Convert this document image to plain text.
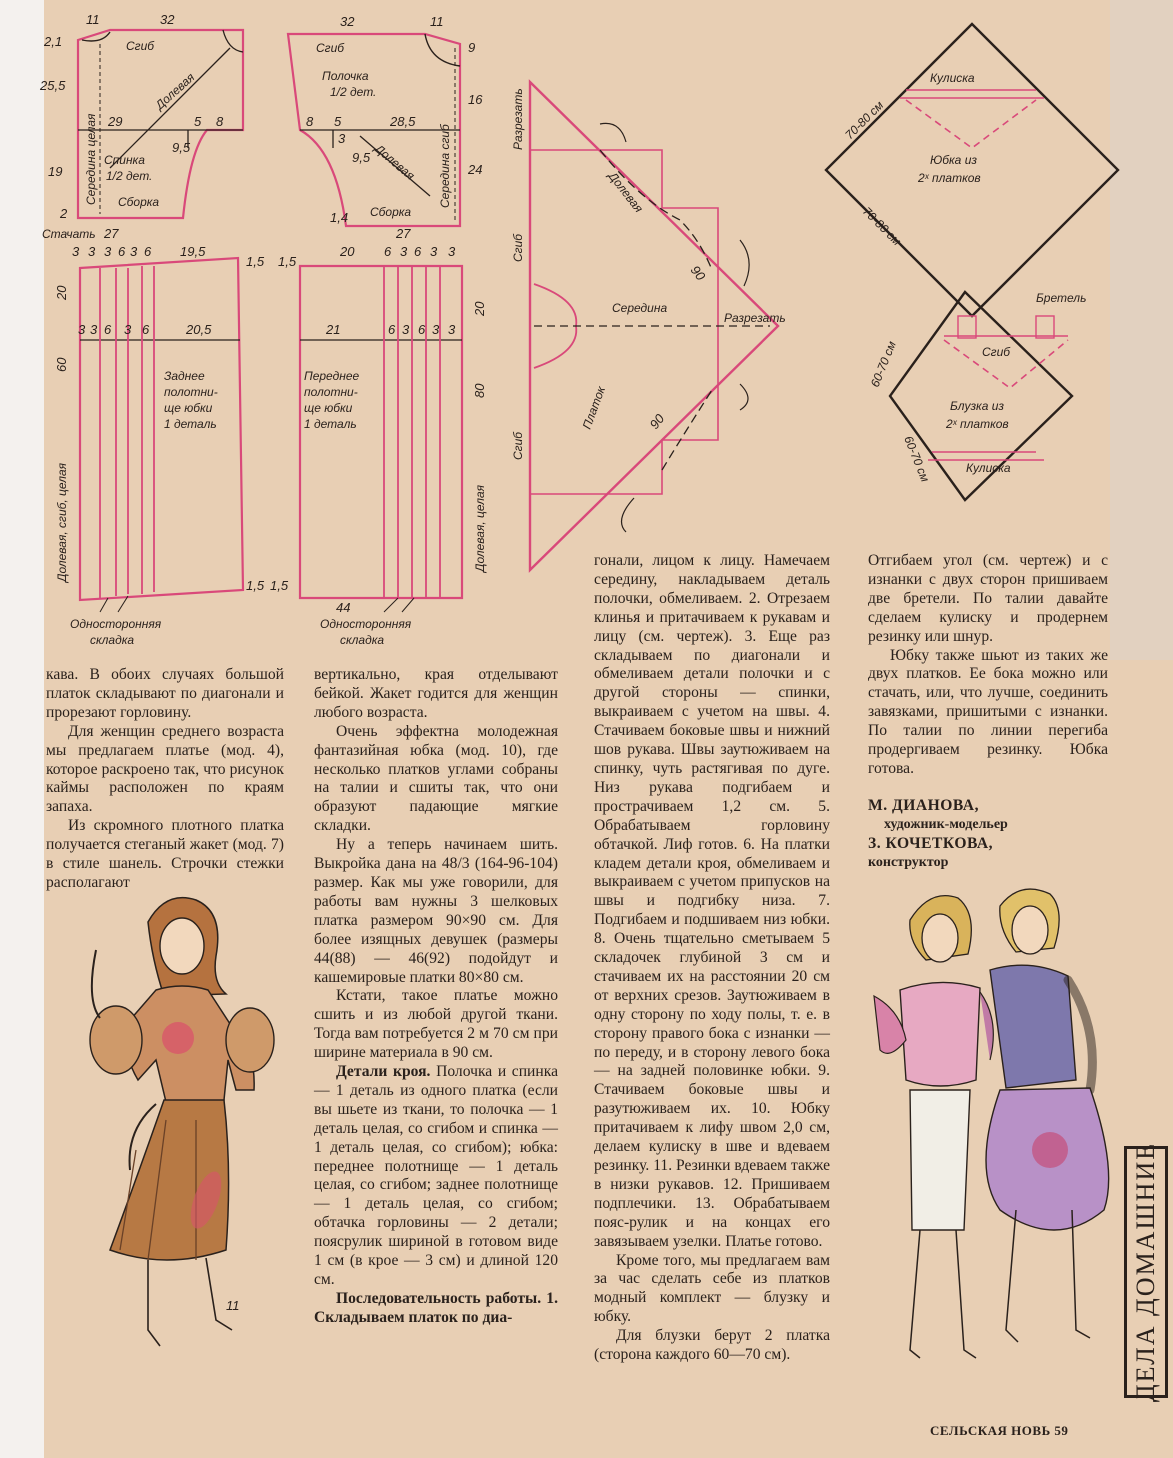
11	32
2,1
25,5
Сгиб
Долевая
29	5 8
9,5
Спинка
1/2 дет.
Сборка
Середина целая
19
2
32	11
9
Сгиб
Полочка
1/2 дет.	16
8 5	28,5
3
9,5 Долевая Середина сгиб 24
Сборка
1,4
Стачать 27
3 3 3 6 3 6 19,5
1,5
20
3 3 6 3 6	20,5
60
Заднее
полотни-
ще юбки
1 деталь
Долевая, сгиб, целая
1,5
Односторонняя
складка
27
1,5
20 6 3 6 3 3
20
21	6 3 6 3 3
Переднее
полотни-
ще юбки
1 деталь
80
Долевая, целая
1,5
44
Односторонняя
складка
Разрезать
Долевая
Сгиб
90
Середина
Разрезать
Платок	90
Сгиб
Кулиска
70-80 см
Юбка из
2ˣ платков
70-80 см
Бретель
Сгиб
60-70 см
Блузка из
2ˣ платков
60-70 см	Кулиска

кава. В обоих случаях большой платок складывают по диагонали и прорезают горловину.

Для женщин среднего возраста мы предлагаем платье (мод. 4), которое раскроено так, что рисунок каймы расположен по краям запаха.

Из скромного плотного платка получается стеганый жакет (мод. 7) в стиле шанель. Строчки стежки располагают

11

вертикально, края отделывают бейкой. Жакет годится для женщин любого возраста.

Очень эффектна молодежная фантазийная юбка (мод. 10), где несколько платков углами собраны на талии и сшиты так, что они образуют падающие мягкие складки.

Ну а теперь начинаем шить. Выкройка дана на 48/3 (164-96-104) размер. Как мы уже говорили, для работы вам нужны 3 шелковых платка размером 90×90 см. Для более изящных девушек (размеры 44(88) — 46(92) подойдут и кашемировые платки 80×80 см.

Кстати, такое платье можно сшить и из любой другой ткани. Тогда вам потребуется 2 м 70 см при ширине материала в 90 см.

Детали кроя. Полочка и спинка — 1 деталь из одного платка (если вы шьете из ткани, то полочка — 1 деталь целая, со сгибом и спинка — 1 деталь целая, со сгибом); юбка: переднее полотнище — 1 деталь целая, со сгибом; заднее полотнище — 1 деталь целая, со сгибом; обтачка горловины — 2 детали; поясрулик шириной в готовом виде 1 см (в крое — 3 см) и длиной 120 см.

Последовательность работы. 1. Складываем платок по диа-

гонали, лицом к лицу. Намечаем середину, накладываем деталь полочки, обмеливаем. 2. Отрезаем клинья и притачиваем к рукавам и лицу (см. чертеж). 3. Еще раз складываем по диагонали и обмеливаем детали полочки и с другой стороны — спинки, выкраиваем с учетом на швы. 4. Стачиваем боковые швы и нижний шов рукава. Швы заутюживаем на спинку, чуть растягивая по дуге. Низ рукава подгибаем и прострачиваем 1,2 см. 5. Обрабатываем горловину обтачкой. Лиф готов. 6. На платки кладем детали кроя, обмеливаем и выкраиваем с учетом припусков на швы и подгибку низа. 7. Подгибаем и подшиваем низ юбки. 8. Очень тщательно сметываем 5 складочек глубиной 3 см и стачиваем их на расстоянии 20 см от верхних срезов. Заутюживаем в одну сторону по ходу полы, т. е. в сторону правого бока с изнанки — по переду, и в сторону левого бока — на задней половинке юбки. 9. Стачиваем боковые швы и разутюживаем их. 10. Юбку притачиваем к лифу швом 2,0 см, делаем кулиску в шве и вдеваем резинку. 11. Резинки вдеваем также в низки рукавов. 12. Пришиваем подплечики. 13. Обрабатываем пояс-рулик и на концах его завязываем узелки. Платье готово.

Кроме того, мы предлагаем вам за час сделать себе из платков модный комплект — блузку и юбку.

Для блузки берут 2 платка (сторона каждого 60—70 см).

Отгибаем угол (см. чертеж) и с изнанки с двух сторон пришиваем две бретели. По талии давайте сделаем кулиску и продернем резинку или шнур.

Юбку также шьют из таких же двух платков. Ее бока можно или стачать, или, что лучше, соединить завязками, пришитыми с изнанки. По талии по линии перегиба продергиваем резинку. Юбка готова.

М. ДИАНОВА,
художник-модельер
З. КОЧЕТКОВА,
конструктор
ДЕЛА ДОМАШНИЕ
СЕЛЬСКАЯ НОВЬ 59
